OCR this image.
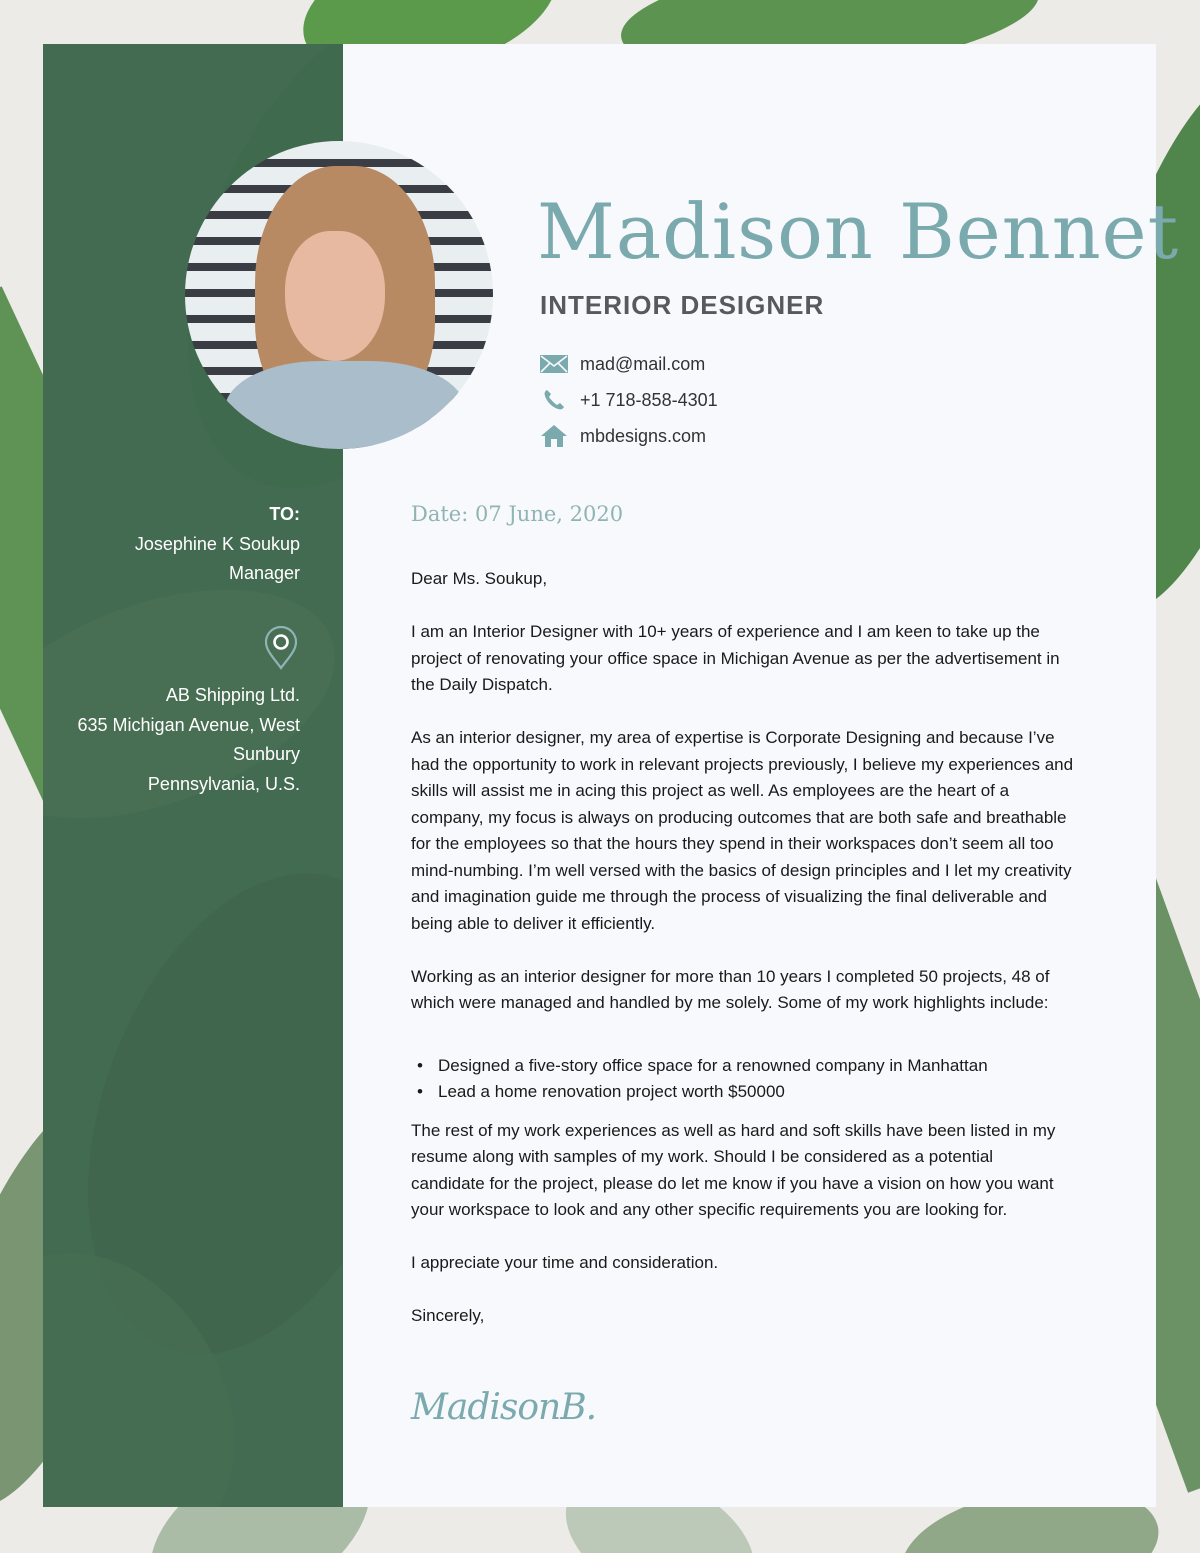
TO:
Josephine K Soukup
Manager
AB Shipping Ltd.
635 Michigan Avenue, West
Sunbury
Pennsylvania, U.S.
Madison Bennet
INTERIOR DESIGNER
mad@mail.com
+1 718-858-4301
mbdesigns.com
Date: 07 June, 2020

Dear Ms. Soukup,

I am an Interior Designer with 10+ years of experience and I am keen to take up the project of renovating your office space in Michigan Avenue as per the advertisement in the Daily Dispatch.

As an interior designer, my area of expertise is Corporate Designing and because I’ve had the opportunity to work in relevant projects previously, I believe my experiences and skills will assist me in acing this project as well. As employees are the heart of a company, my focus is always on producing outcomes that are both safe and breathable for the employees so that the hours they spend in their workspaces don’t seem all too mind-numbing. I’m well versed with the basics of design principles and I let my creativity and imagination guide me through the process of visualizing the final deliverable and being able to deliver it efficiently.

Working as an interior designer for more than 10 years I completed 50 projects, 48 of which were managed and handled by me solely. Some of my work highlights include:

• Designed a five-story office space for a renowned company in Manhattan
• Lead a home renovation project worth $50000

The rest of my work experiences as well as hard and soft skills have been listed in my resume along with samples of my work. Should I be considered as a potential candidate for the project, please do let me know if you have a vision on how you want your workspace to look and any other specific requirements you are looking for.

I appreciate your time and consideration.

Sincerely,

MadisonB.
